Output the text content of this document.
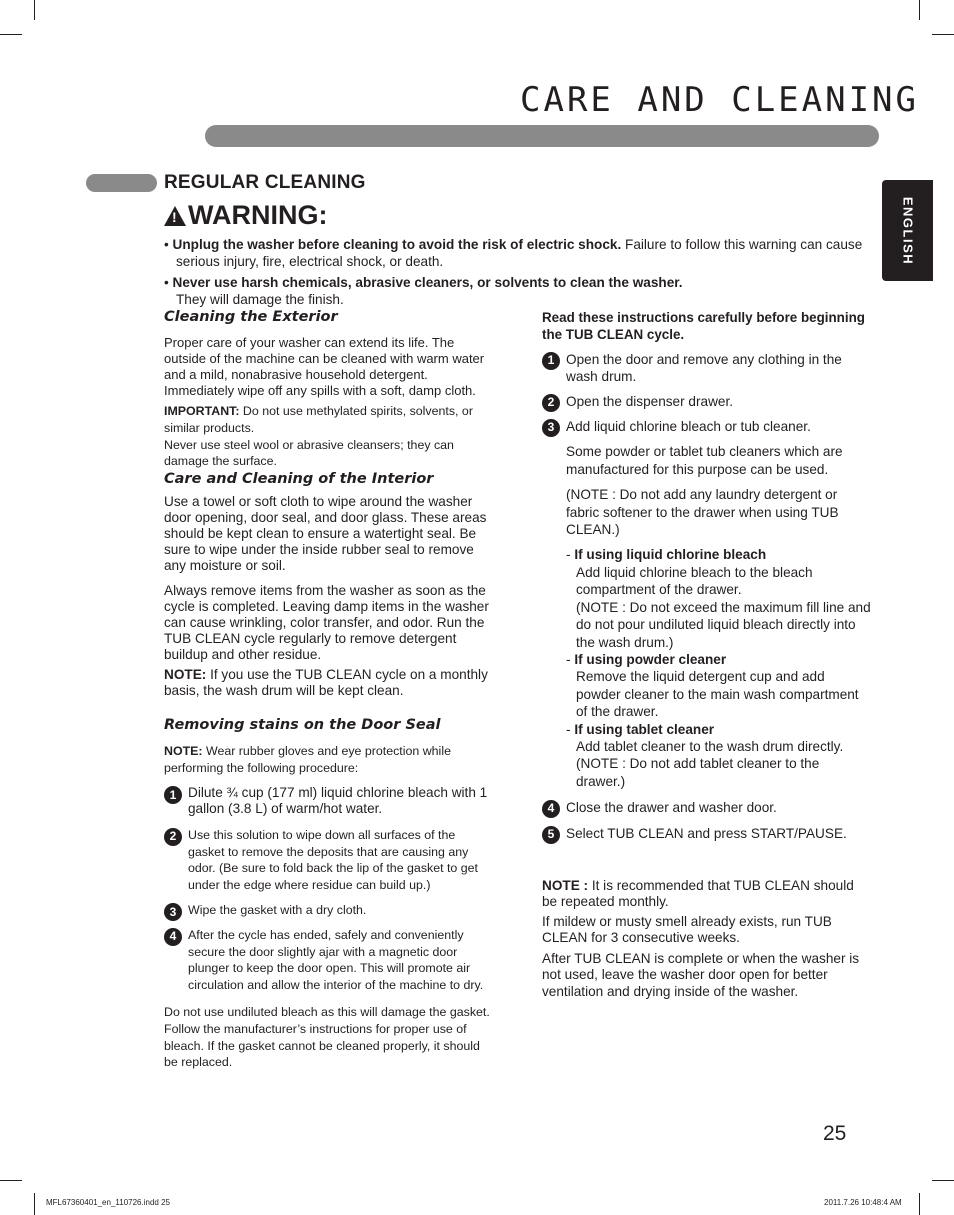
CARE AND CLEANING
ENGLISH
REGULAR CLEANING
!
WARNING:
• Unplug the washer before cleaning to avoid the risk of electric shock. Failure to follow this warning can cause serious injury, fire, electrical shock, or death.
• Never use harsh chemicals, abrasive cleaners, or solvents to clean the washer.
They will damage the finish.

Cleaning the Exterior

Proper care of your washer can extend its life. The outside of the machine can be cleaned with warm water and a mild, nonabrasive household detergent. Immediately wipe off any spills with a soft, damp cloth.

IMPORTANT: Do not use methylated spirits, solvents, or similar products.

Never use steel wool or abrasive cleansers; they can damage the surface.

Care and Cleaning of the Interior

Use a towel or soft cloth to wipe around the washer door opening, door seal, and door glass. These areas should be kept clean to ensure a watertight seal. Be sure to wipe under the inside rubber seal to remove any moisture or soil.

Always remove items from the washer as soon as the cycle is completed. Leaving damp items in the washer can cause wrinkling, color transfer, and odor. Run the TUB CLEAN cycle regularly to remove detergent buildup and other residue.

NOTE: If you use the TUB CLEAN cycle on a monthly basis, the wash drum will be kept clean.

Removing stains on the Door Seal

NOTE: Wear rubber gloves and eye protection while performing the following procedure:

1 Dilute ¾ cup (177 ml) liquid chlorine bleach with 1 gallon (3.8 L) of warm/hot water.
2 Use this solution to wipe down all surfaces of the gasket to remove the deposits that are causing any odor. (Be sure to fold back the lip of the gasket to get under the edge where residue can build up.)
3 Wipe the gasket with a dry cloth.
4 After the cycle has ended, safely and conveniently secure the door slightly ajar with a magnetic door plunger to keep the door open. This will promote air circulation and allow the interior of the machine to dry.

Do not use undiluted bleach as this will damage the gasket. Follow the manufacturer’s instructions for proper use of bleach. If the gasket cannot be cleaned properly, it should be replaced.

Read these instructions carefully before beginning the TUB CLEAN cycle.

1 Open the door and remove any clothing in the wash drum.
2 Open the dispenser drawer.
3 Add liquid chlorine bleach or tub cleaner.

Some powder or tablet tub cleaners which are manufactured for this purpose can be used.

(NOTE : Do not add any laundry detergent or fabric softener to the drawer when using TUB CLEAN.)

- If using liquid chlorine bleach
Add liquid chlorine bleach to the bleach compartment of the drawer.
(NOTE : Do not exceed the maximum fill line and do not pour undiluted liquid bleach directly into the wash drum.)
- If using powder cleaner
Remove the liquid detergent cup and add powder cleaner to the main wash compartment of the drawer.
- If using tablet cleaner
Add tablet cleaner to the wash drum directly.
(NOTE : Do not add tablet cleaner to the drawer.)
4 Close the drawer and washer door.
5 Select TUB CLEAN and press START/PAUSE.

NOTE : It is recommended that TUB CLEAN should be repeated monthly.

If mildew or musty smell already exists, run TUB CLEAN for 3 consecutive weeks.

After TUB CLEAN is complete or when the washer is not used, leave the washer door open for better ventilation and drying inside of the washer.

25
MFL67360401_en_110726.indd 25	2011.7.26 10:48:4 AM
